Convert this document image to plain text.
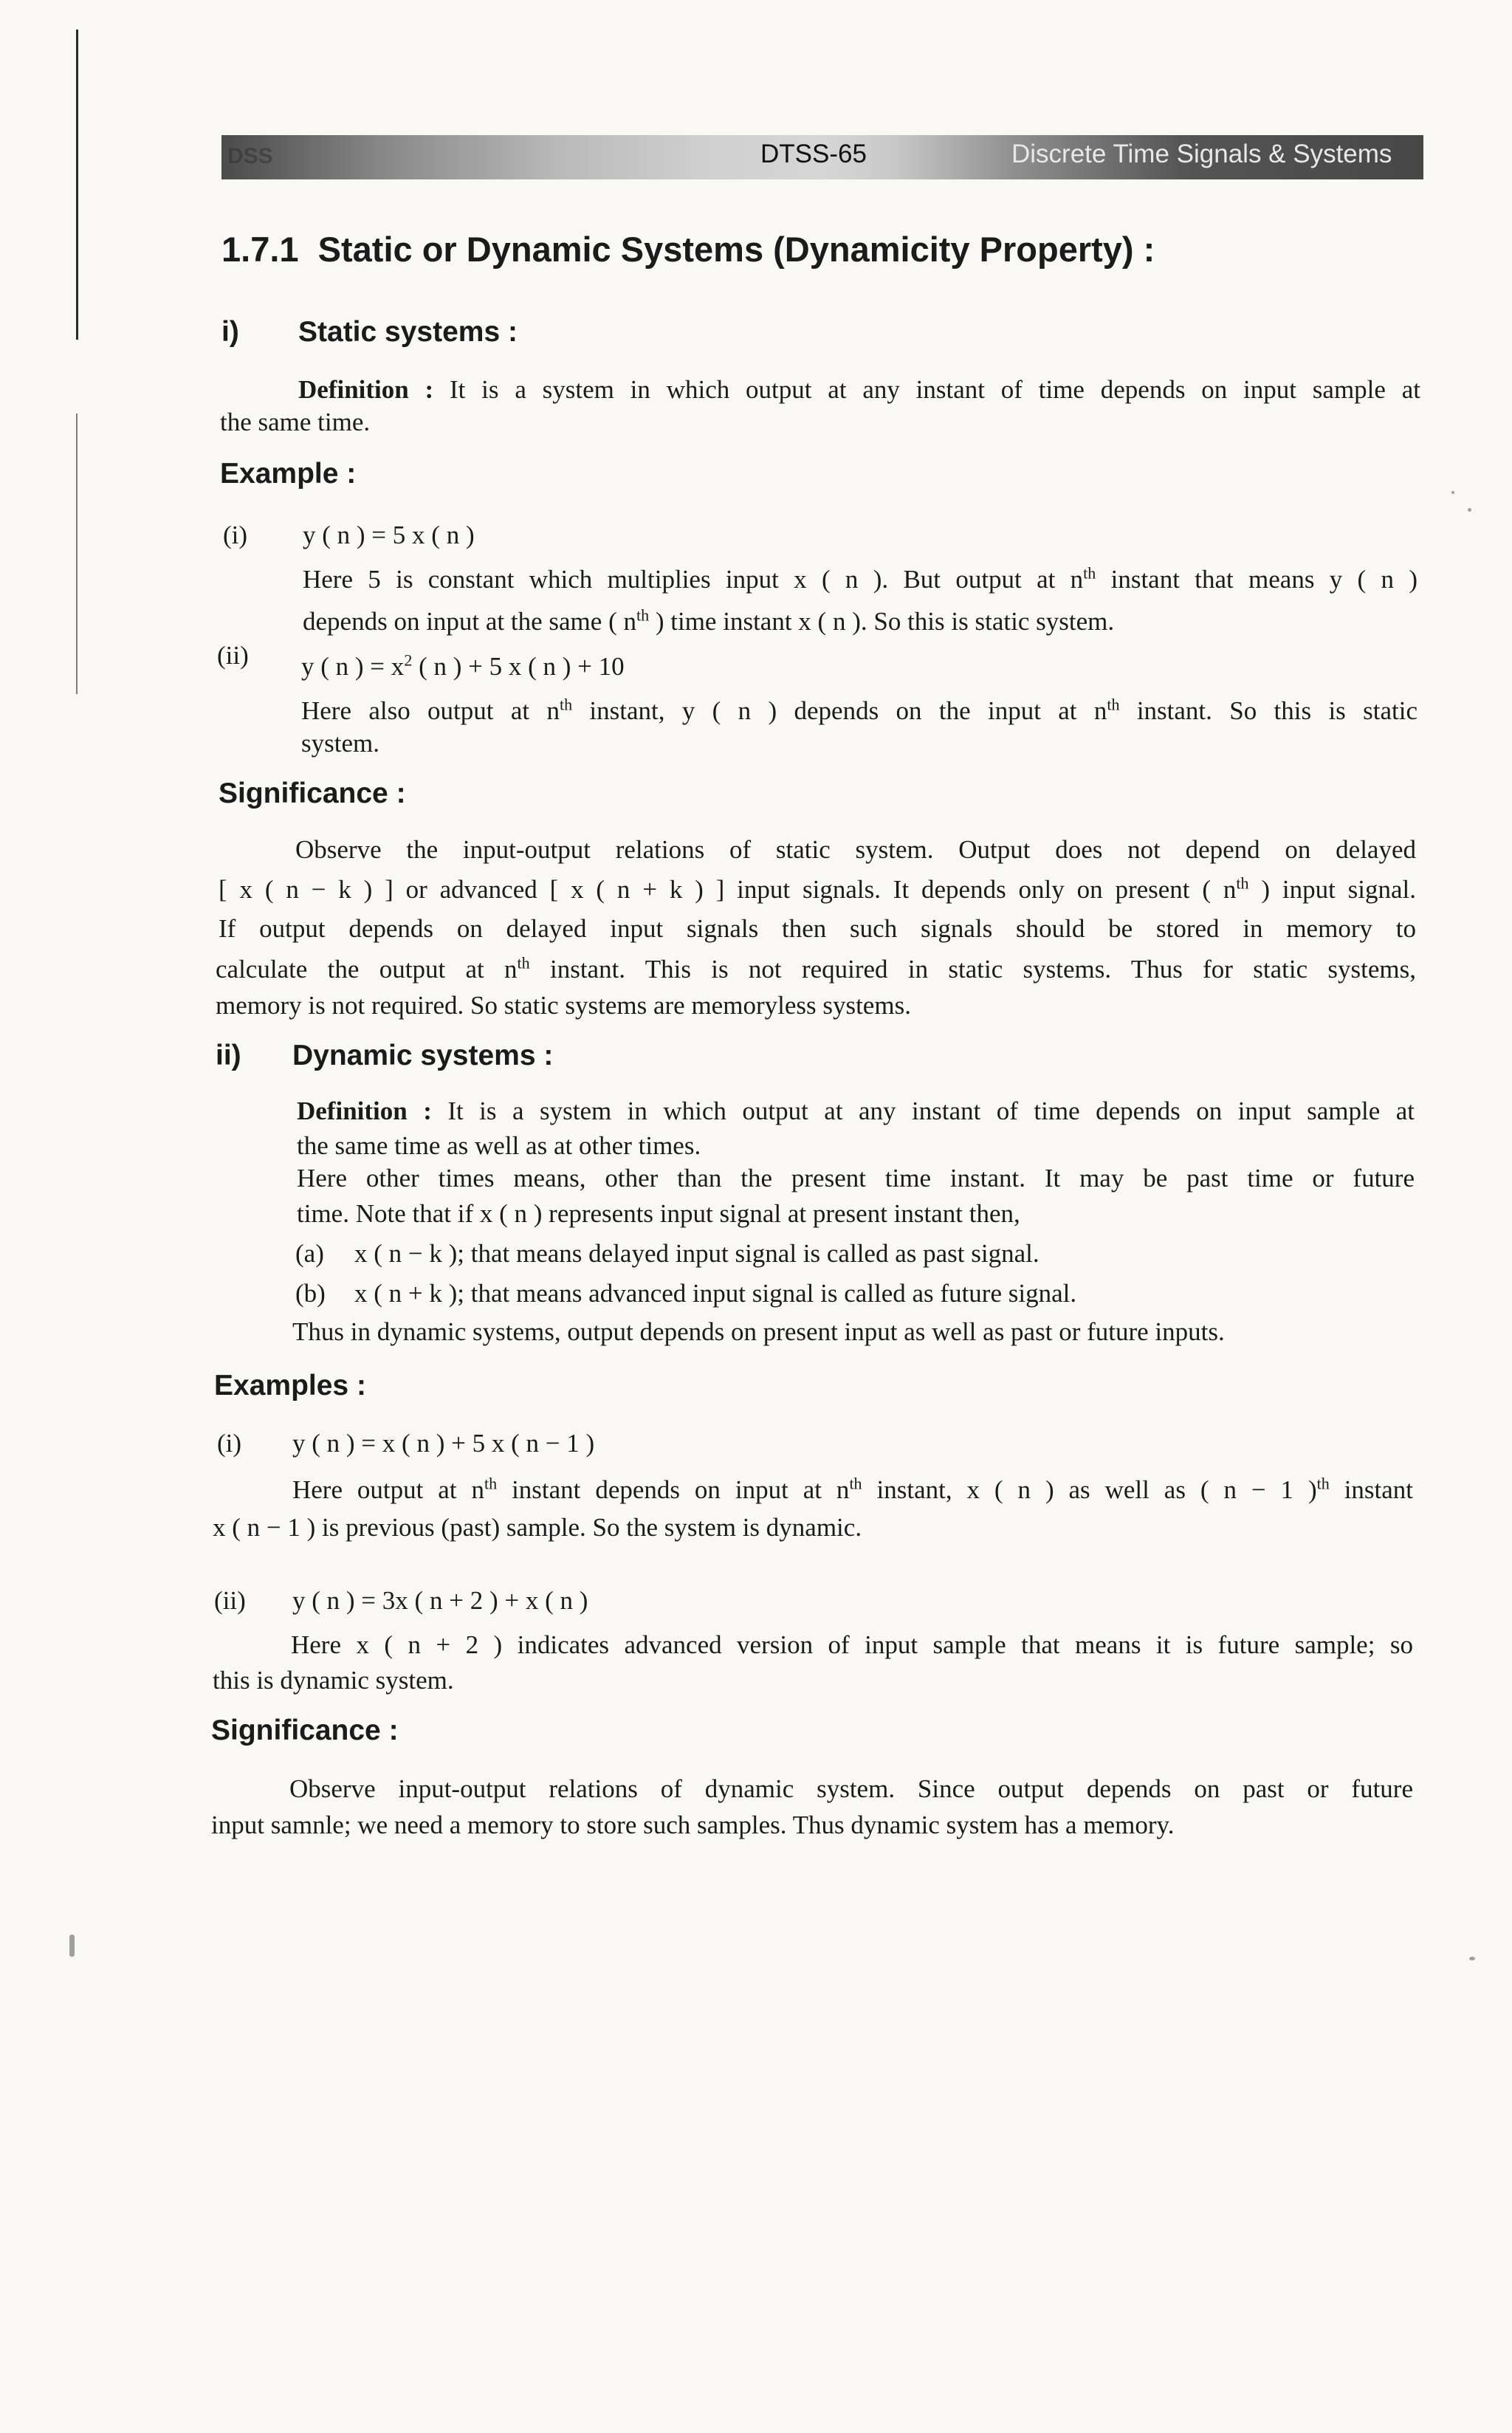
DSS	DTSS-65	Discrete Time Signals & Systems
1.7.1 Static or Dynamic Systems (Dynamicity Property) :
i) Static systems :
Definition : It is a system in which output at any instant of time depends on input sample at
the same time.
Example :
(i) y ( n ) = 5 x ( n )
Here 5 is constant which multiplies input x ( n ). But output at $n^{th}$ instant that means y ( n )
depends on input at the same ( $n^{th}$ ) time instant x ( n ). So this is static system.
(ii) y ( n ) = $x^2$ ( n ) + 5 x ( n ) + 10
Here also output at $n^{th}$ instant, y ( n ) depends on the input at $n^{th}$ instant. So this is static
system.
Significance :
Observe the input-output relations of static system. Output does not depend on delayed
[ x ( n − k ) ] or advanced [ x ( n + k ) ] input signals. It depends only on present ( $n^{th}$ ) input signal.
If output depends on delayed input signals then such signals should be stored in memory to
calculate the output at $n^{th}$ instant. This is not required in static systems. Thus for static systems,
memory is not required. So static systems are memoryless systems.
ii) Dynamic systems :
Definition : It is a system in which output at any instant of time depends on input sample at
the same time as well as at other times.
Here other times means, other than the present time instant. It may be past time or future
time. Note that if x ( n ) represents input signal at present instant then,
(a) x ( n − k ); that means delayed input signal is called as past signal.
(b) x ( n + k ); that means advanced input signal is called as future signal.
Thus in dynamic systems, output depends on present input as well as past or future inputs.
Examples :
(i) y ( n ) = x ( n ) + 5 x ( n − 1 )
Here output at $n^{th}$ instant depends on input at $n^{th}$ instant, x ( n ) as well as ( n − 1 )$^{th}$ instant
x ( n − 1 ) is previous (past) sample. So the system is dynamic.
(ii) y ( n ) = 3x ( n + 2 ) + x ( n )
Here x ( n + 2 ) indicates advanced version of input sample that means it is future sample; so
this is dynamic system.
Significance :
Observe input-output relations of dynamic system. Since output depends on past or future
input samnle; we need a memory to store such samples. Thus dynamic system has a memory.
